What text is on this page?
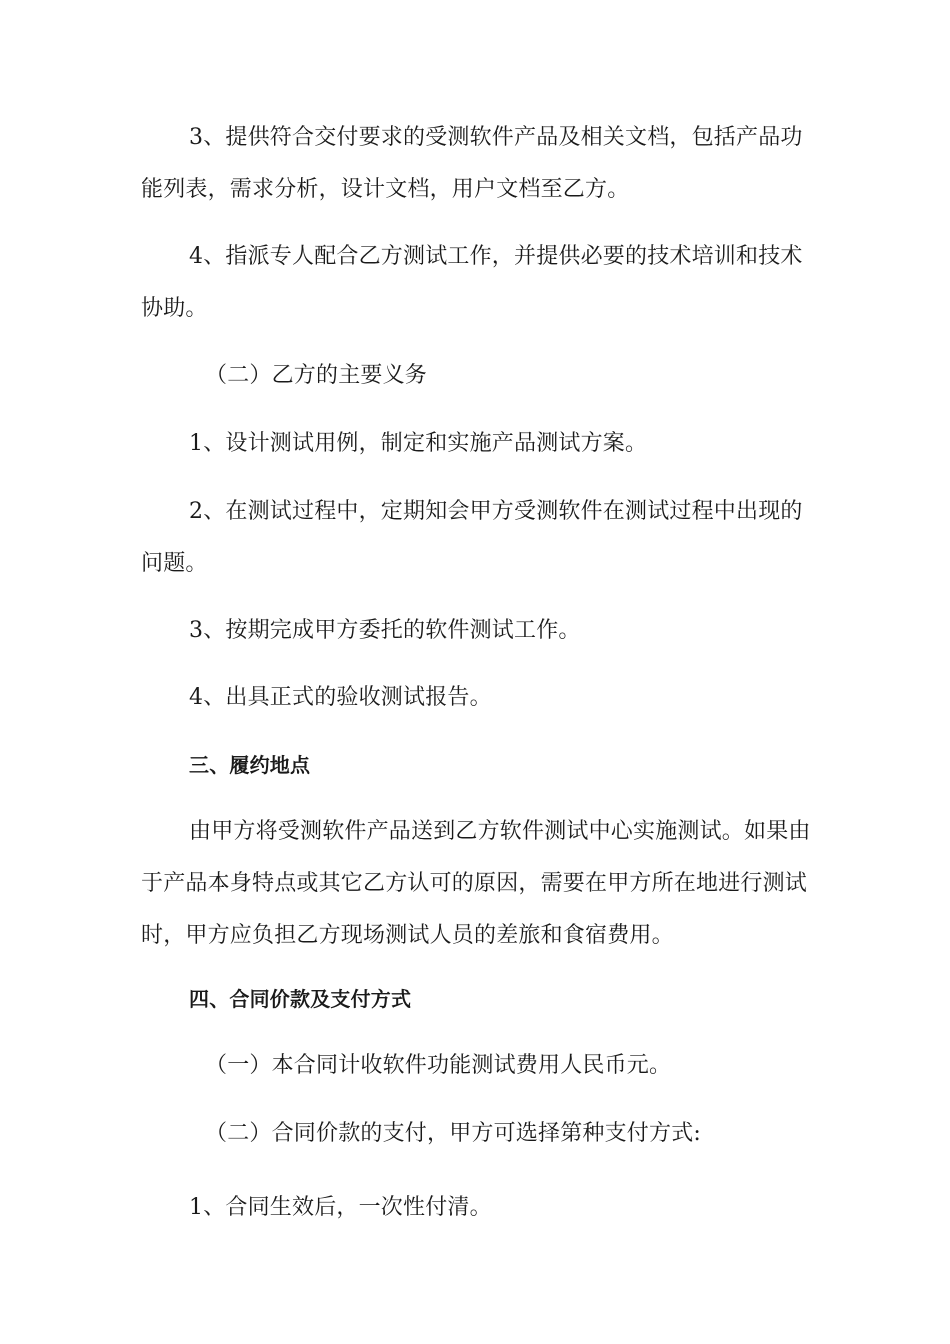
3、提供符合交付要求的受测软件产品及相关文档，包括产品功能列表，需求分析，设计文档，用户文档至乙方。

4、指派专人配合乙方测试工作，并提供必要的技术培训和技术协助。

（二）乙方的主要义务

1、设计测试用例，制定和实施产品测试方案。

2、在测试过程中，定期知会甲方受测软件在测试过程中出现的问题。

3、按期完成甲方委托的软件测试工作。

4、出具正式的验收测试报告。

三、履约地点

由甲方将受测软件产品送到乙方软件测试中心实施测试。如果由于产品本身特点或其它乙方认可的原因，需要在甲方所在地进行测试时，甲方应负担乙方现场测试人员的差旅和食宿费用。

四、合同价款及支付方式

（一）本合同计收软件功能测试费用人民币元。

（二）合同价款的支付，甲方可选择第种支付方式:

1、合同生效后，一次性付清。
